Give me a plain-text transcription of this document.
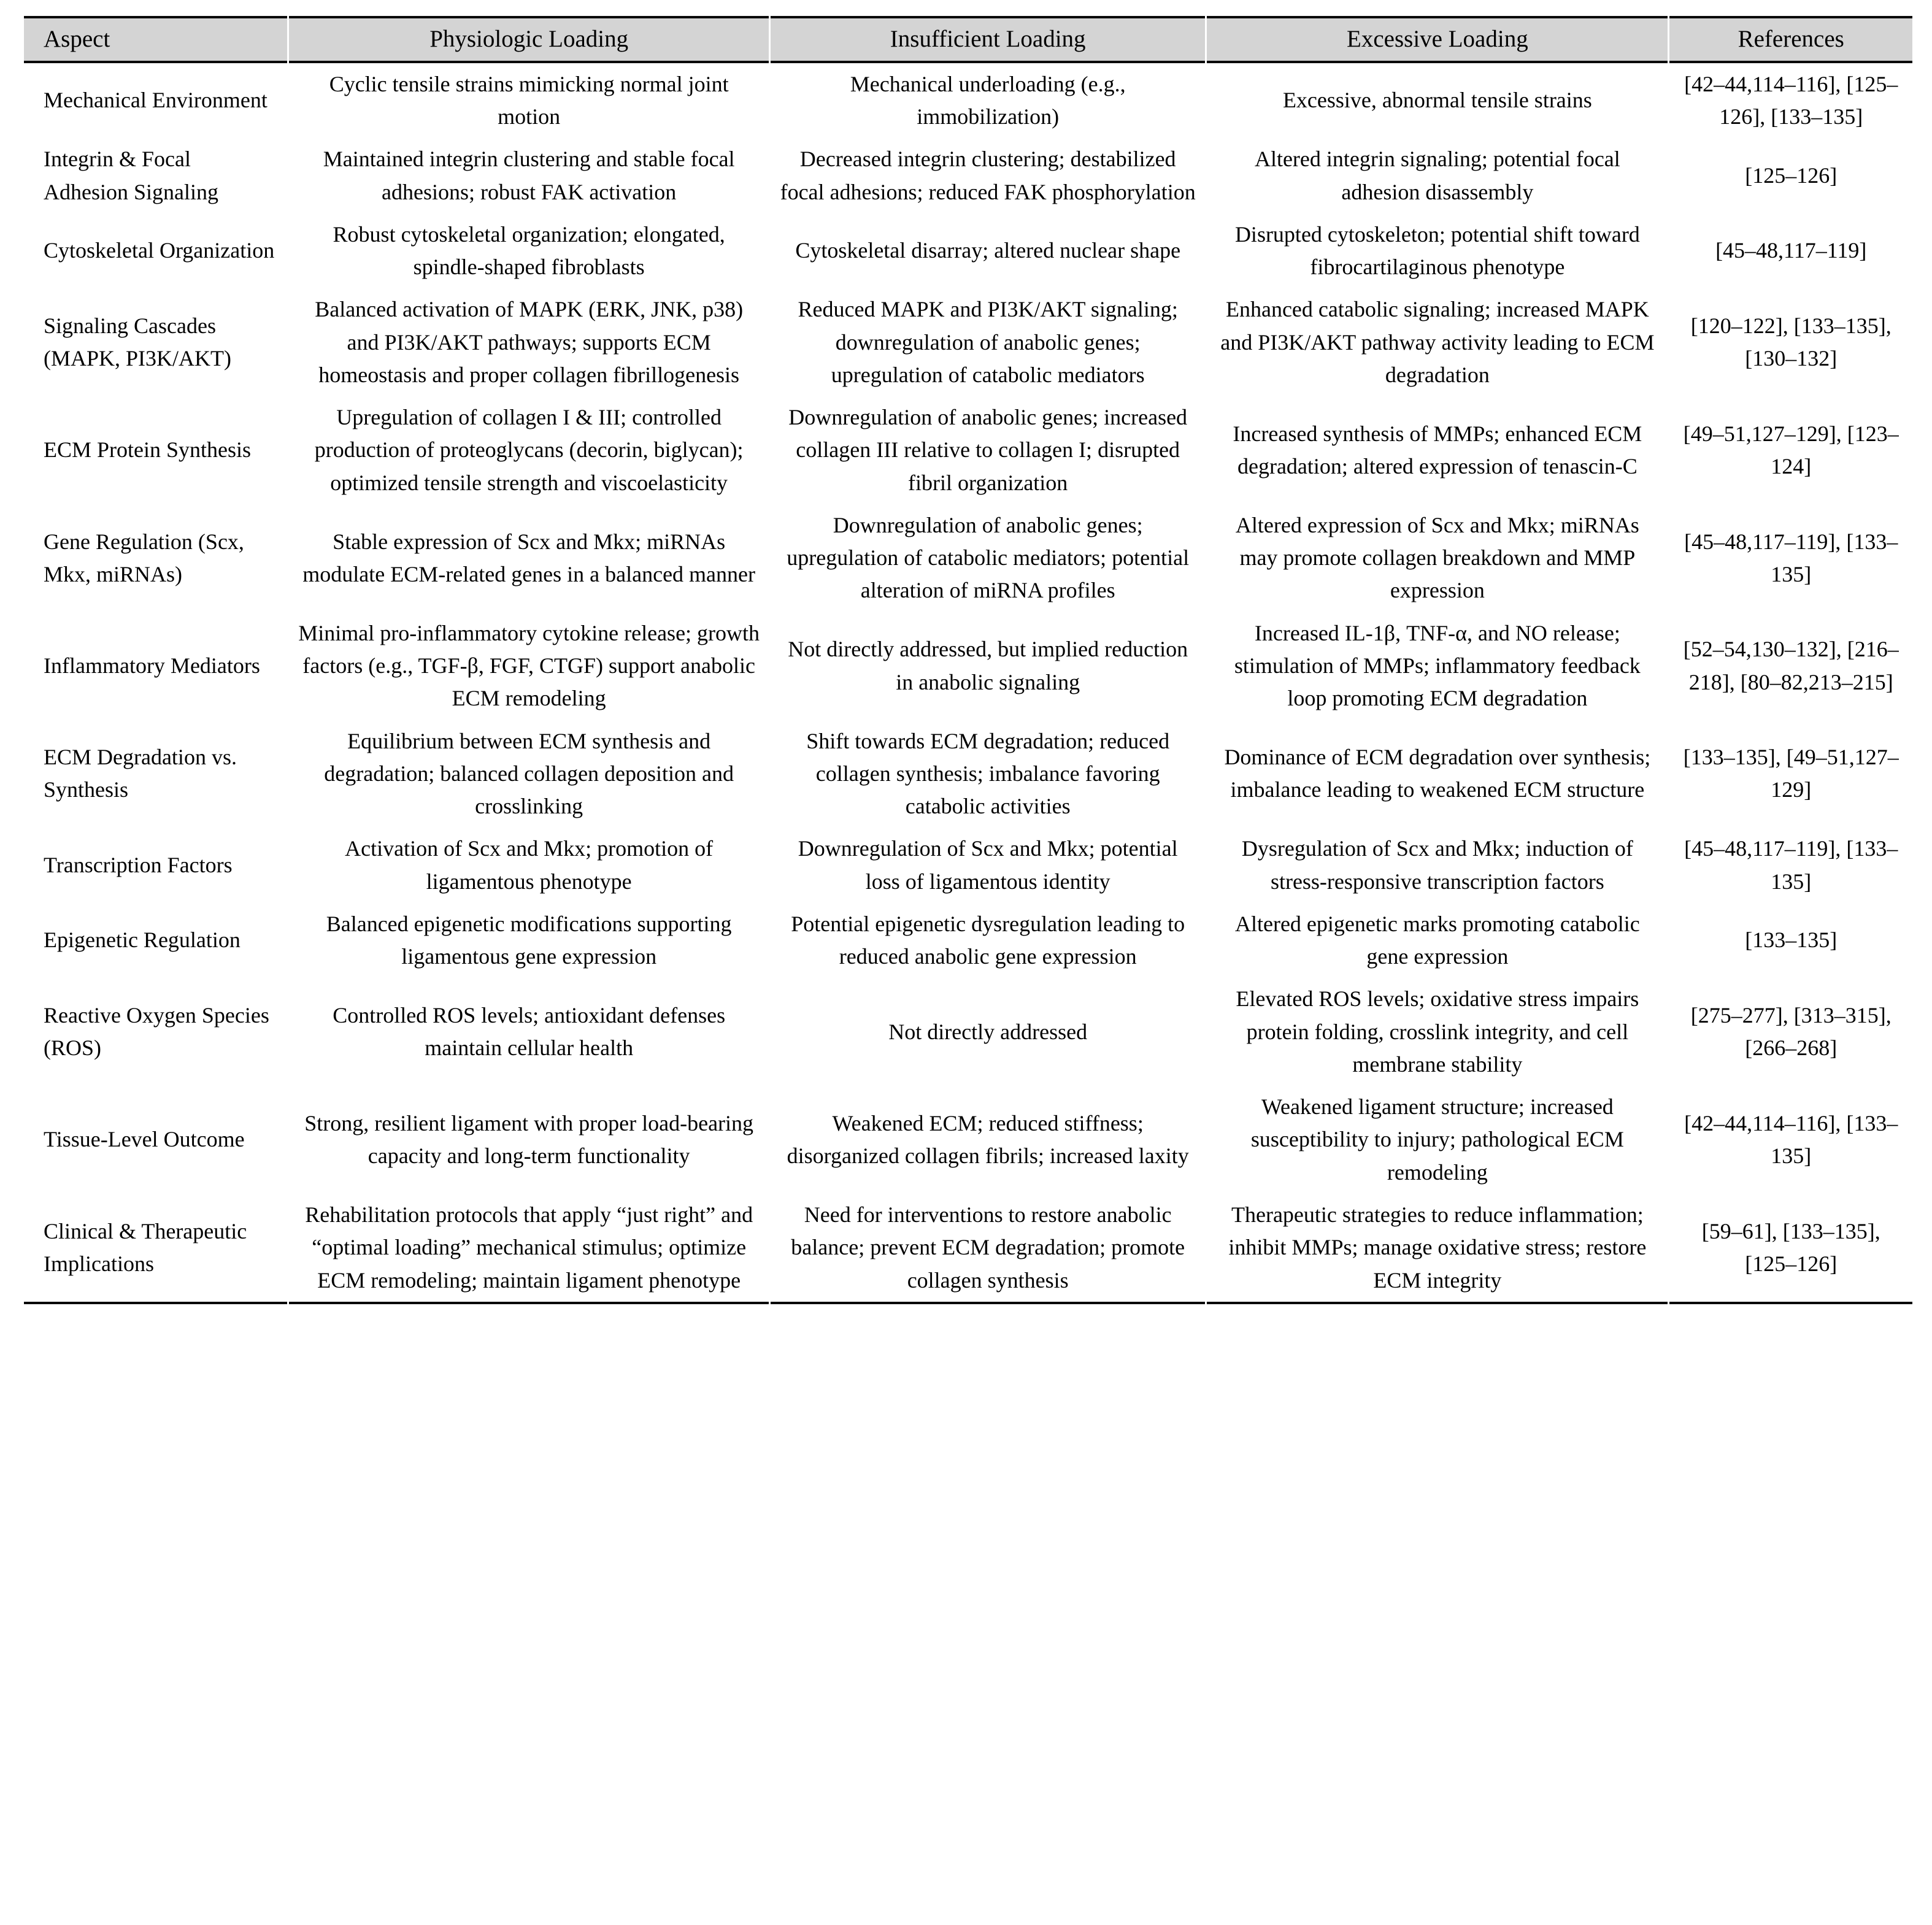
Aspect	Physiologic Loading	Insufficient Loading	Excessive Loading	References
Mechanical Environment	Cyclic tensile strains mimicking normal joint motion	Mechanical underloading (e.g., immobilization)	Excessive, abnormal tensile strains	[42–44,114–116], [125–126], [133–135]
Integrin & Focal Adhesion Signaling	Maintained integrin clustering and stable focal adhesions; robust FAK activation	Decreased integrin clustering; destabilized focal adhesions; reduced FAK phosphorylation	Altered integrin signaling; potential focal adhesion disassembly	[125–126]
Cytoskeletal Organization	Robust cytoskeletal organization; elongated, spindle-shaped fibroblasts	Cytoskeletal disarray; altered nuclear shape	Disrupted cytoskeleton; potential shift toward fibrocartilaginous phenotype	[45–48,117–119]
Signaling Cascades (MAPK, PI3K/AKT)	Balanced activation of MAPK (ERK, JNK, p38) and PI3K/AKT pathways; supports ECM homeostasis and proper collagen fibrillogenesis	Reduced MAPK and PI3K/AKT signaling; downregulation of anabolic genes; upregulation of catabolic mediators	Enhanced catabolic signaling; increased MAPK and PI3K/AKT pathway activity leading to ECM degradation	[120–122], [133–135], [130–132]
ECM Protein Synthesis	Upregulation of collagen I & III; controlled production of proteoglycans (decorin, biglycan); optimized tensile strength and viscoelasticity	Downregulation of anabolic genes; increased collagen III relative to collagen I; disrupted fibril organization	Increased synthesis of MMPs; enhanced ECM degradation; altered expression of tenascin-C	[49–51,127–129], [123–124]
Gene Regulation (Scx, Mkx, miRNAs)	Stable expression of Scx and Mkx; miRNAs modulate ECM-related genes in a balanced manner	Downregulation of anabolic genes; upregulation of catabolic mediators; potential alteration of miRNA profiles	Altered expression of Scx and Mkx; miRNAs may promote collagen breakdown and MMP expression	[45–48,117–119], [133–135]
Inflammatory Mediators	Minimal pro-inflammatory cytokine release; growth factors (e.g., TGF-β, FGF, CTGF) support anabolic ECM remodeling	Not directly addressed, but implied reduction in anabolic signaling	Increased IL-1β, TNF-α, and NO release; stimulation of MMPs; inflammatory feedback loop promoting ECM degradation	[52–54,130–132], [216–218], [80–82,213–215]
ECM Degradation vs. Synthesis	Equilibrium between ECM synthesis and degradation; balanced collagen deposition and crosslinking	Shift towards ECM degradation; reduced collagen synthesis; imbalance favoring catabolic activities	Dominance of ECM degradation over synthesis; imbalance leading to weakened ECM structure	[133–135], [49–51,127–129]
Transcription Factors	Activation of Scx and Mkx; promotion of ligamentous phenotype	Downregulation of Scx and Mkx; potential loss of ligamentous identity	Dysregulation of Scx and Mkx; induction of stress-responsive transcription factors	[45–48,117–119], [133–135]
Epigenetic Regulation	Balanced epigenetic modifications supporting ligamentous gene expression	Potential epigenetic dysregulation leading to reduced anabolic gene expression	Altered epigenetic marks promoting catabolic gene expression	[133–135]
Reactive Oxygen Species (ROS)	Controlled ROS levels; antioxidant defenses maintain cellular health	Not directly addressed	Elevated ROS levels; oxidative stress impairs protein folding, crosslink integrity, and cell membrane stability	[275–277], [313–315], [266–268]
Tissue-Level Outcome	Strong, resilient ligament with proper load-bearing capacity and long-term functionality	Weakened ECM; reduced stiffness; disorganized collagen fibrils; increased laxity	Weakened ligament structure; increased susceptibility to injury; pathological ECM remodeling	[42–44,114–116], [133–135]
Clinical & Therapeutic Implications	Rehabilitation protocols that apply “just right” and “optimal loading” mechanical stimulus; optimize ECM remodeling; maintain ligament phenotype	Need for interventions to restore anabolic balance; prevent ECM degradation; promote collagen synthesis	Therapeutic strategies to reduce inflammation; inhibit MMPs; manage oxidative stress; restore ECM integrity	[59–61], [133–135], [125–126]
